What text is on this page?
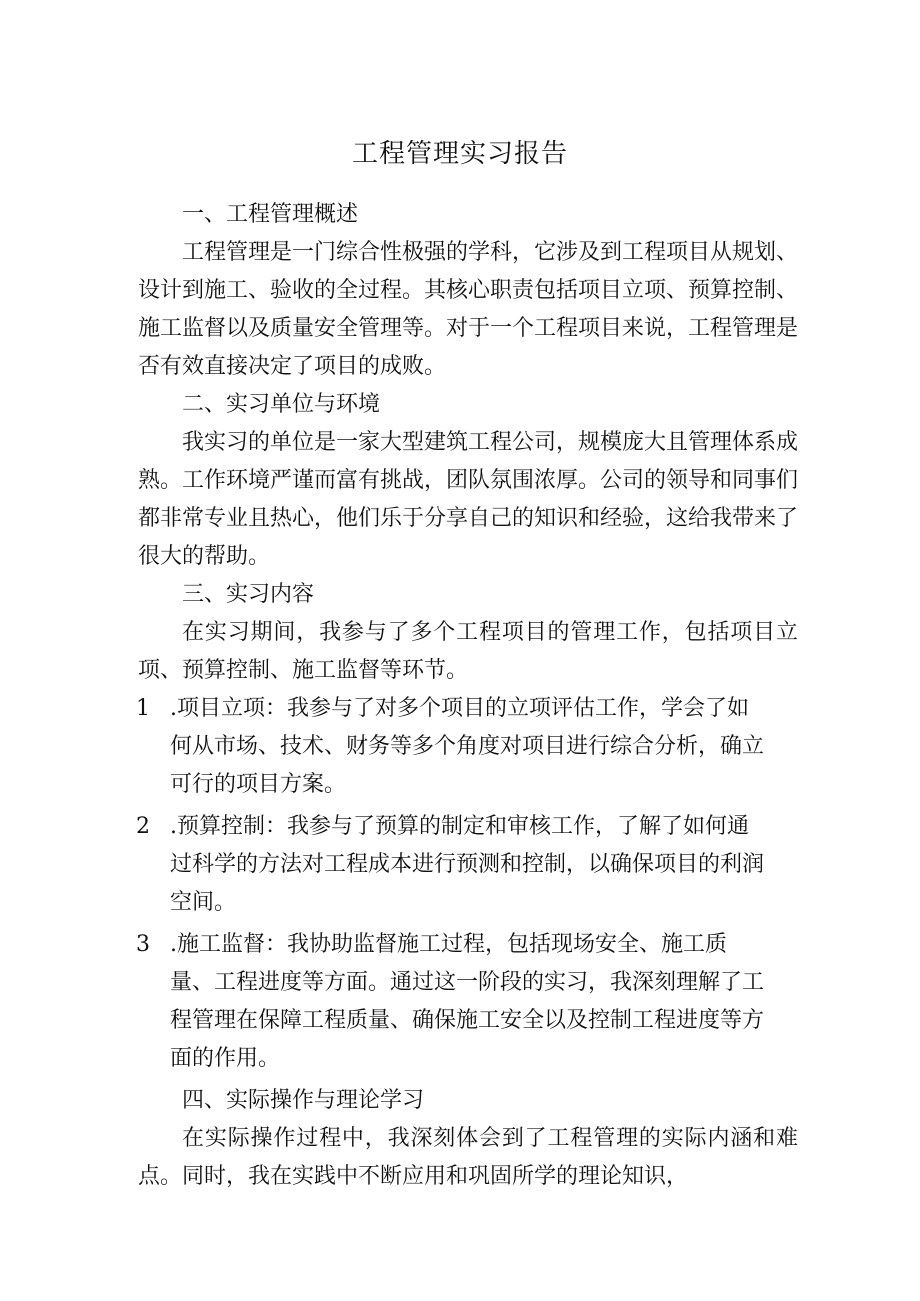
工程管理实习报告

一、工程管理概述

工程管理是一门综合性极强的学科，它涉及到工程项目从规划、设计到施工、验收的全过程。其核心职责包括项目立项、预算控制、施工监督以及质量安全管理等。对于一个工程项目来说，工程管理是否有效直接决定了项目的成败。

二、实习单位与环境

我实习的单位是一家大型建筑工程公司，规模庞大且管理体系成熟。工作环境严谨而富有挑战，团队氛围浓厚。公司的领导和同事们都非常专业且热心，他们乐于分享自己的知识和经验，这给我带来了很大的帮助。

三、实习内容

在实习期间，我参与了多个工程项目的管理工作，包括项目立项、预算控制、施工监督等环节。

1 .项目立项：我参与了对多个项目的立项评估工作，学会了如何从市场、技术、财务等多个角度对项目进行综合分析，确立可行的项目方案。
2 .预算控制：我参与了预算的制定和审核工作，了解了如何通过科学的方法对工程成本进行预测和控制，以确保项目的利润空间。
3 .施工监督：我协助监督施工过程，包括现场安全、施工质量、工程进度等方面。通过这一阶段的实习，我深刻理解了工程管理在保障工程质量、确保施工安全以及控制工程进度等方面的作用。

四、实际操作与理论学习

在实际操作过程中，我深刻体会到了工程管理的实际内涵和难点。同时，我在实践中不断应用和巩固所学的理论知识，
